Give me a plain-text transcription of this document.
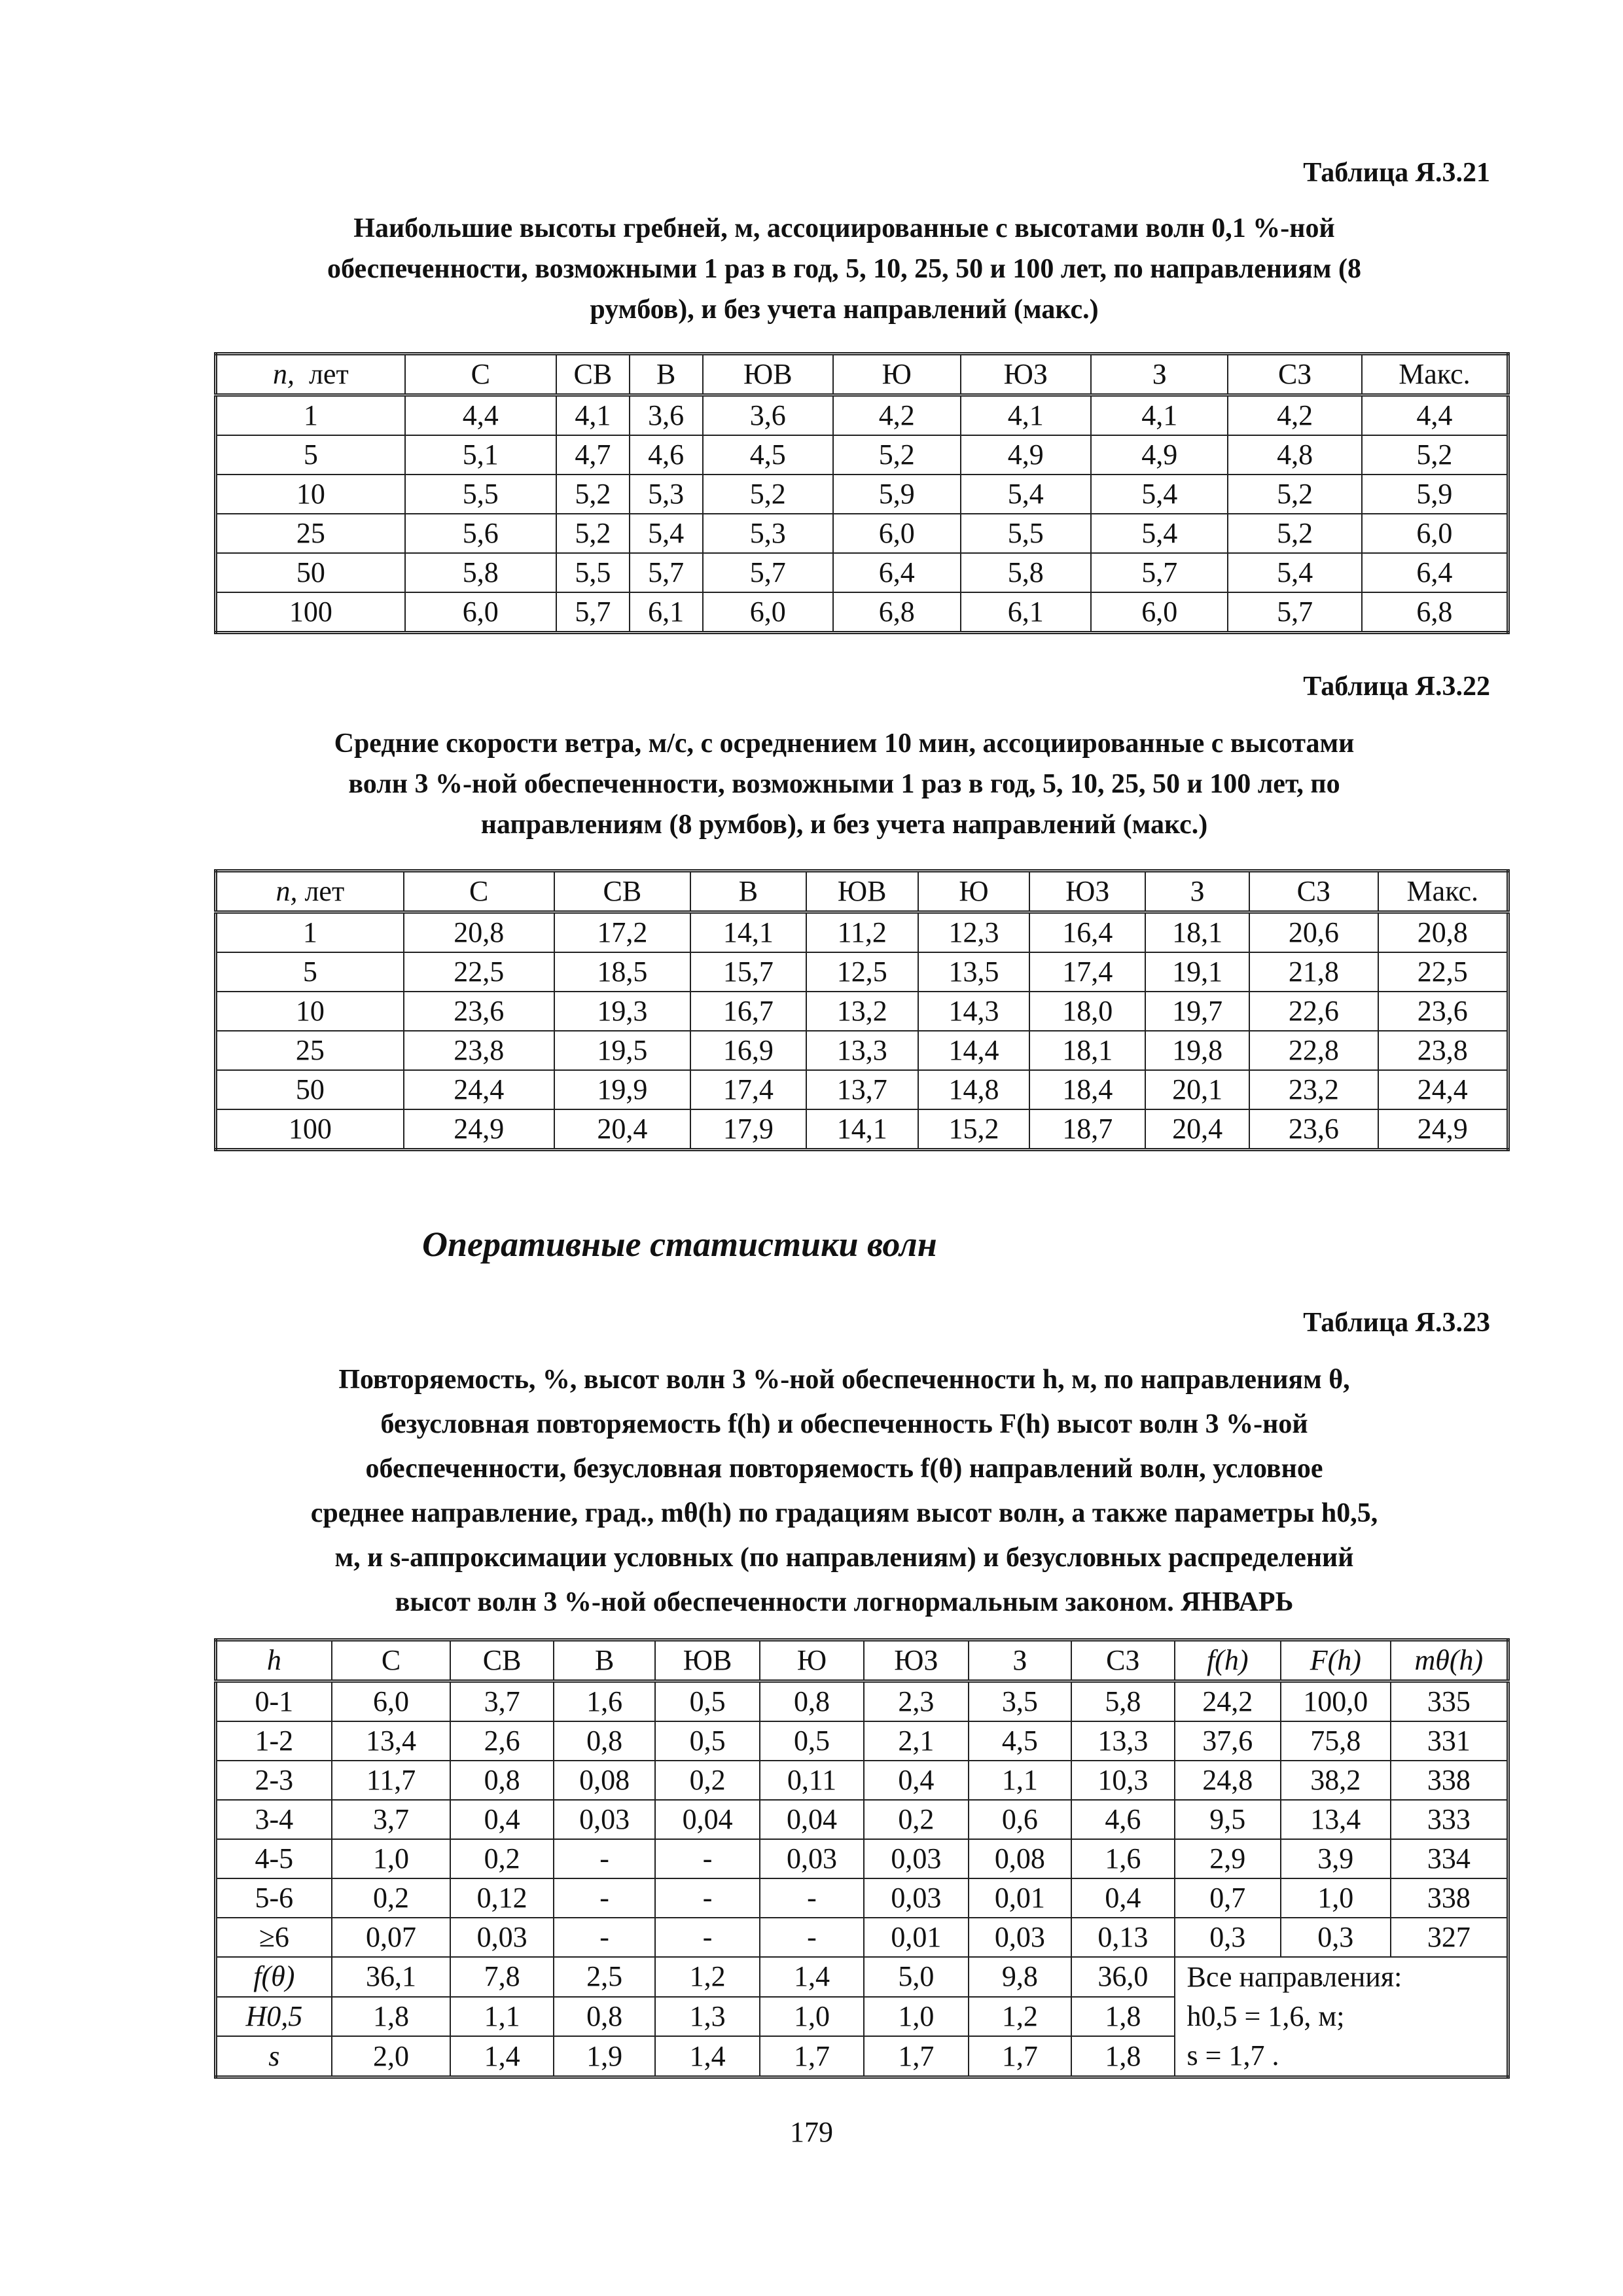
Таблица Я.3.21
Наибольшие высоты гребней, м, ассоциированные с высотами волн 0,1 %-ной
обеспеченности, возможными 1 раз в год, 5, 10, 25, 50 и 100 лет, по направлениям (8
румбов), и без учета направлений (макс.)
n, лет	С	СВ	В	ЮВ	Ю	ЮЗ	З	СЗ	Макс.
1	4,4	4,1	3,6	3,6	4,2	4,1	4,1	4,2	4,4
5	5,1	4,7	4,6	4,5	5,2	4,9	4,9	4,8	5,2
10	5,5	5,2	5,3	5,2	5,9	5,4	5,4	5,2	5,9
25	5,6	5,2	5,4	5,3	6,0	5,5	5,4	5,2	6,0
50	5,8	5,5	5,7	5,7	6,4	5,8	5,7	5,4	6,4
100	6,0	5,7	6,1	6,0	6,8	6,1	6,0	5,7	6,8
Таблица Я.3.22
Средние скорости ветра, м/с, с осреднением 10 мин, ассоциированные с высотами
волн 3 %-ной обеспеченности, возможными 1 раз в год, 5, 10, 25, 50 и 100 лет, по
направлениям (8 румбов), и без учета направлений (макс.)
n, лет	С	СВ	В	ЮВ	Ю	ЮЗ	З	СЗ	Макс.
1	20,8	17,2	14,1	11,2	12,3	16,4	18,1	20,6	20,8
5	22,5	18,5	15,7	12,5	13,5	17,4	19,1	21,8	22,5
10	23,6	19,3	16,7	13,2	14,3	18,0	19,7	22,6	23,6
25	23,8	19,5	16,9	13,3	14,4	18,1	19,8	22,8	23,8
50	24,4	19,9	17,4	13,7	14,8	18,4	20,1	23,2	24,4
100	24,9	20,4	17,9	14,1	15,2	18,7	20,4	23,6	24,9
Оперативные статистики волн
Таблица Я.3.23
Повторяемость, %, высот волн 3 %-ной обеспеченности h, м, по направлениям θ,
безусловная повторяемость f(h) и обеспеченность F(h) высот волн 3 %-ной
обеспеченности, безусловная повторяемость f(θ) направлений волн, условное
среднее направление, град., mθ(h) по градациям высот волн, а также параметры h0,5,
м, и s-аппроксимации условных (по направлениям) и безусловных распределений
высот волн 3 %-ной обеспеченности логнормальным законом. ЯНВАРЬ
h	С	СВ	В	ЮВ	Ю	ЮЗ	З	СЗ	f(h)	F(h)	mθ(h)
0-1	6,0	3,7	1,6	0,5	0,8	2,3	3,5	5,8	24,2	100,0	335
1-2	13,4	2,6	0,8	0,5	0,5	2,1	4,5	13,3	37,6	75,8	331
2-3	11,7	0,8	0,08	0,2	0,11	0,4	1,1	10,3	24,8	38,2	338
3-4	3,7	0,4	0,03	0,04	0,04	0,2	0,6	4,6	9,5	13,4	333
4-5	1,0	0,2	-	-	0,03	0,03	0,08	1,6	2,9	3,9	334
5-6	0,2	0,12	-	-	-	0,03	0,01	0,4	0,7	1,0	338
≥6	0,07	0,03	-	-	-	0,01	0,03	0,13	0,3	0,3	327
f(θ)	36,1	7,8	2,5	1,2	1,4	5,0	9,8	36,0	Все направления:
h0,5 = 1,6, м;
s = 1,7 .		

H0,5	1,8	1,1	0,8	1,3	1,0	1,0	1,2	1,8			
s	2,0	1,4	1,9	1,4	1,7	1,7	1,7	1,8			
179
